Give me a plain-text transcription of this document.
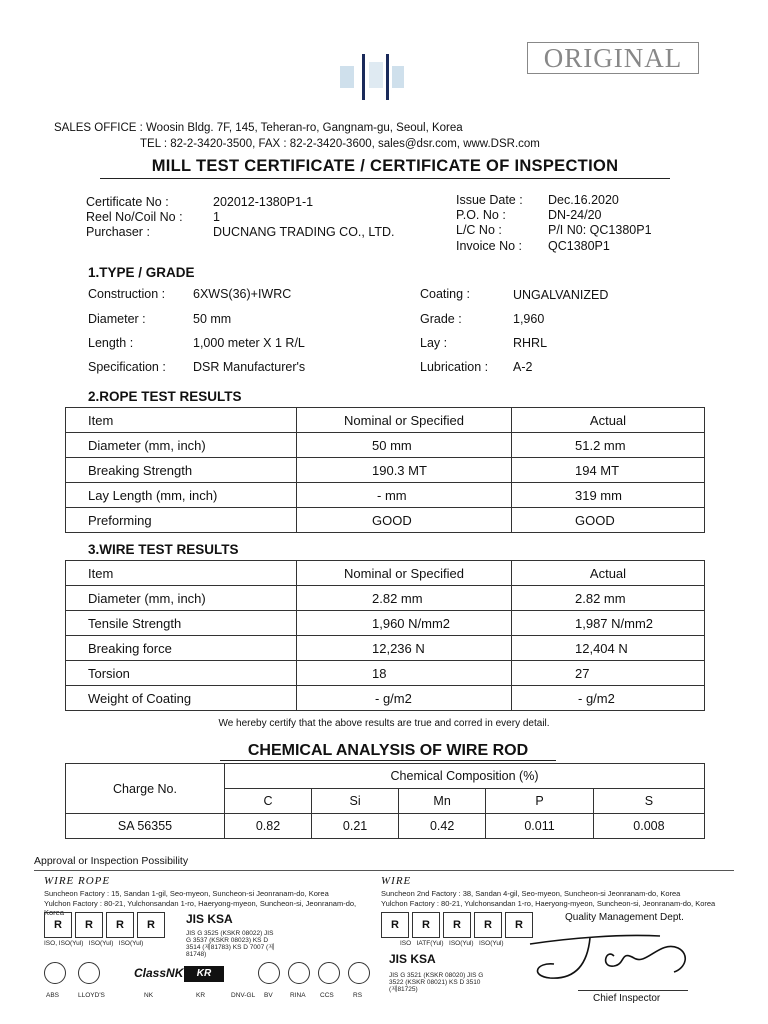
ORIGINAL
SALES OFFICE : Woosin Bldg. 7F, 145, Teheran-ro, Gangnam-gu, Seoul, Korea
TEL : 82-2-3420-3500, FAX : 82-2-3420-3600, sales@dsr.com, www.DSR.com
MILL TEST CERTIFICATE / CERTIFICATE OF INSPECTION
Certificate No :	202012-1380P1-1
Reel No/Coil No : 1
Purchaser :	DUCNANG TRADING CO., LTD.
Issue Date : Dec.16.2020
P.O. No :	DN-24/20
L/C No :	P/I N0: QC1380P1
Invoice No : QC1380P1
1.TYPE / GRADE
Construction : 6XWS(36)+IWRC
Diameter :	50 mm
Length :	1,000 meter X 1 R/L
Specification : DSR Manufacturer's
Coating :	UNGALVANIZED
Grade :	1,960
Lay :	RHRL
Lubrication : A-2
2.ROPE TEST RESULTS
Item	Nominal or Specified	Actual
Diameter (mm, inch)	50 mm	51.2 mm
Breaking Strength	190.3 MT	194 MT
Lay Length (mm, inch)	- mm	319 mm
Preforming	GOOD	GOOD
3.WIRE TEST RESULTS
Item	Nominal or Specified	Actual
Diameter (mm, inch)	2.82 mm	2.82 mm
Tensile Strength	1,960 N/mm2	1,987 N/mm2
Breaking force	12,236 N	12,404 N
Torsion	18	27
Weight of Coating	- g/m2	- g/m2
We hereby certify that the above results are true and corred in every detail.
CHEMICAL ANALYSIS OF WIRE ROD
Charge No.	Chemical Composition (%)				
	C	Si	Mn	P	S
SA 56355	0.82	0.21	0.42	0.011	0.008
Approval or Inspection Possibility
WIRE ROPE
Suncheon Factory : 15, Sandan 1-gil, Seo-myeon, Suncheon-si Jeonranam-do, Korea
Yulchon Factory : 80-21, Yulchonsandan 1-ro, Haeryong-myeon, Suncheon-si, Jeonranam-do, Korea
R R R R
ISO, ISO(Yul) ISO(Yul) ISO(Yul)
JIS KSA
JIS G 3525 (KSKR 08022) JIS G 3537 (KSKR 08023) KS D 3514 (제81783) KS D 7007 (제81748)
ClassNK	KR
ABS	LLOYD'S	NK	KR	DNV-GL BV	RINA CCS	RS
WIRE
Suncheon 2nd Factory : 38, Sandan 4-gil, Seo-myeon, Suncheon-si Jeonranam-do, Korea
Yulchon Factory : 80-21, Yulchonsandan 1-ro, Haeryong-myeon, Suncheon-si, Jeonranam-do, Korea
R R R R R
ISO IATF(Yul) ISO(Yul) ISO(Yul)
JIS KSA
JIS G 3521 (KSKR 08020) JIS G 3522 (KSKR 08021) KS D 3510 (제81725)
Quality Management Dept.
Chief Inspector
